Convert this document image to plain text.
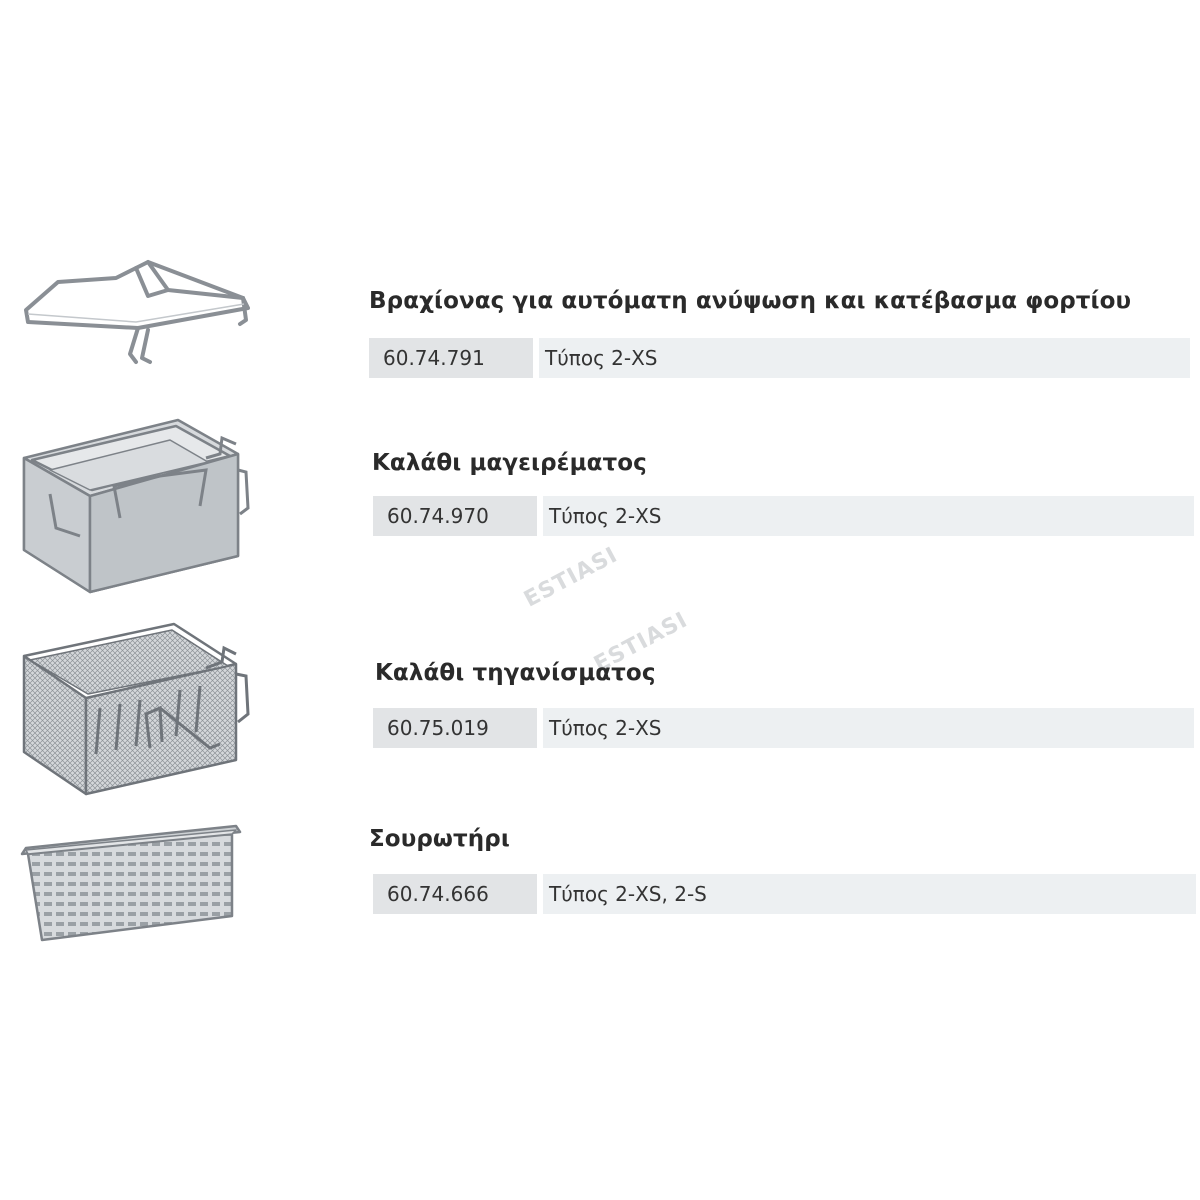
Βραχίονας για αυτόματη ανύψωση και κατέβασμα φορτίου
60.74.791	Τύπος 2-XS
ESTIASI
Καλάθι μαγειρέματος
60.74.970	Τύπος 2-XS
ESTIASI
Καλάθι τηγανίσματος
60.75.019	Τύπος 2-XS
Σουρωτήρι
60.74.666	Τύπος 2-XS, 2-S
